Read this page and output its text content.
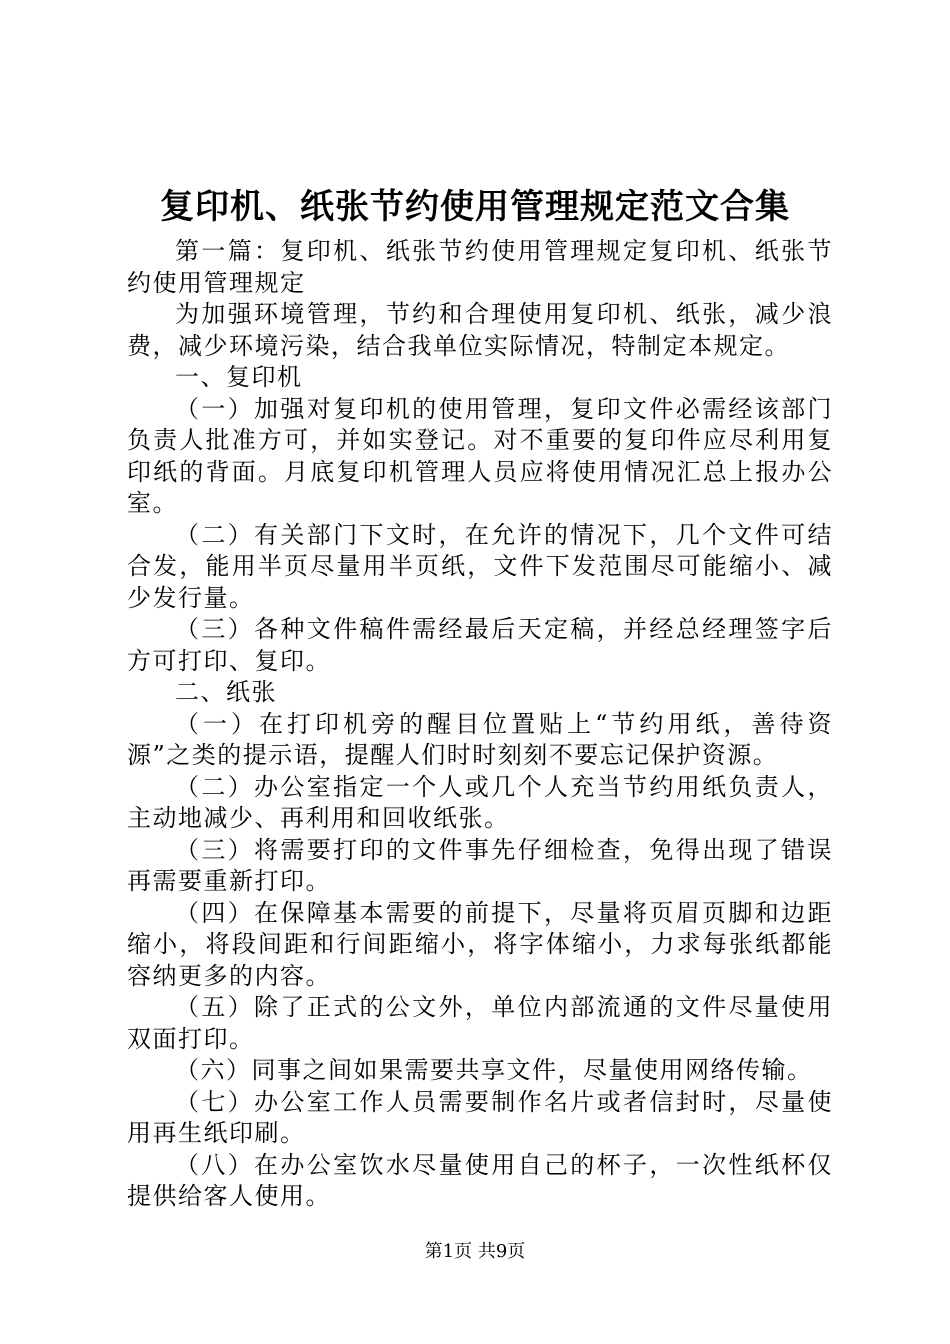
复印机、纸张节约使用管理规定范文合集

第一篇：复印机、纸张节约使用管理规定复印机、纸张节约使用管理规定

为加强环境管理，节约和合理使用复印机、纸张，减少浪费，减少环境污染，结合我单位实际情况，特制定本规定。

一、复印机

（一）加强对复印机的使用管理，复印文件必需经该部门负责人批准方可，并如实登记。对不重要的复印件应尽利用复印纸的背面。月底复印机管理人员应将使用情况汇总上报办公室。

（二）有关部门下文时，在允许的情况下，几个文件可结合发，能用半页尽量用半页纸，文件下发范围尽可能缩小、减少发行量。

（三）各种文件稿件需经最后天定稿，并经总经理签字后方可打印、复印。

二、纸张

（一）在打印机旁的醒目位置贴上“节约用纸，善待资源”之类的提示语，提醒人们时时刻刻不要忘记保护资源。

（二）办公室指定一个人或几个人充当节约用纸负责人，主动地减少、再利用和回收纸张。

（三）将需要打印的文件事先仔细检查，免得出现了错误再需要重新打印。

（四）在保障基本需要的前提下，尽量将页眉页脚和边距缩小，将段间距和行间距缩小，将字体缩小，力求每张纸都能容纳更多的内容。

（五）除了正式的公文外，单位内部流通的文件尽量使用双面打印。

（六）同事之间如果需要共享文件，尽量使用网络传输。

（七）办公室工作人员需要制作名片或者信封时，尽量使用再生纸印刷。

（八）在办公室饮水尽量使用自己的杯子，一次性纸杯仅提供给客人使用。

第1页 共9页
